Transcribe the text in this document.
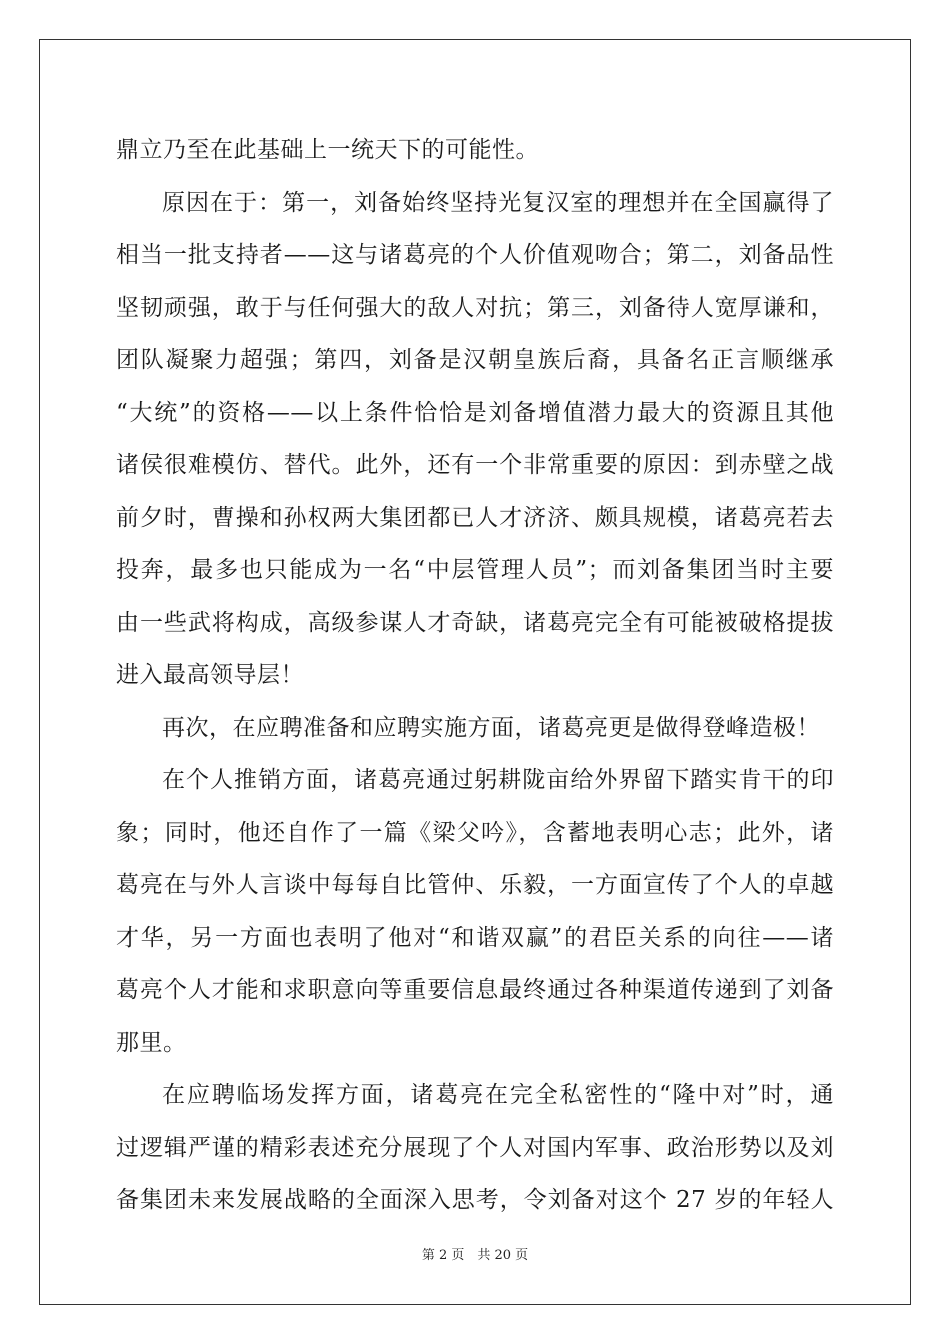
鼎立乃至在此基础上一统天下的可能性。
原因在于：第一，刘备始终坚持光复汉室的理想并在全国赢得了
相当一批支持者——这与诸葛亮的个人价值观吻合；第二，刘备品性
坚韧顽强，敢于与任何强大的敌人对抗；第三，刘备待人宽厚谦和，
团队凝聚力超强；第四，刘备是汉朝皇族后裔，具备名正言顺继承
“大统”的资格——以上条件恰恰是刘备增值潜力最大的资源且其他
诸侯很难模仿、替代。此外，还有一个非常重要的原因：到赤壁之战
前夕时，曹操和孙权两大集团都已人才济济、颇具规模，诸葛亮若去
投奔，最多也只能成为一名“中层管理人员”；而刘备集团当时主要
由一些武将构成，高级参谋人才奇缺，诸葛亮完全有可能被破格提拔
进入最高领导层！
再次，在应聘准备和应聘实施方面，诸葛亮更是做得登峰造极！
在个人推销方面，诸葛亮通过躬耕陇亩给外界留下踏实肯干的印
象；同时，他还自作了一篇《梁父吟》，含蓄地表明心志；此外，诸
葛亮在与外人言谈中每每自比管仲、乐毅，一方面宣传了个人的卓越
才华，另一方面也表明了他对“和谐双赢”的君臣关系的向往——诸
葛亮个人才能和求职意向等重要信息最终通过各种渠道传递到了刘备
那里。
在应聘临场发挥方面，诸葛亮在完全私密性的“隆中对”时，通
过逻辑严谨的精彩表述充分展现了个人对国内军事、政治形势以及刘
备集团未来发展战略的全面深入思考，令刘备对这个 27 岁的年轻人
第 2 页　共 20 页
